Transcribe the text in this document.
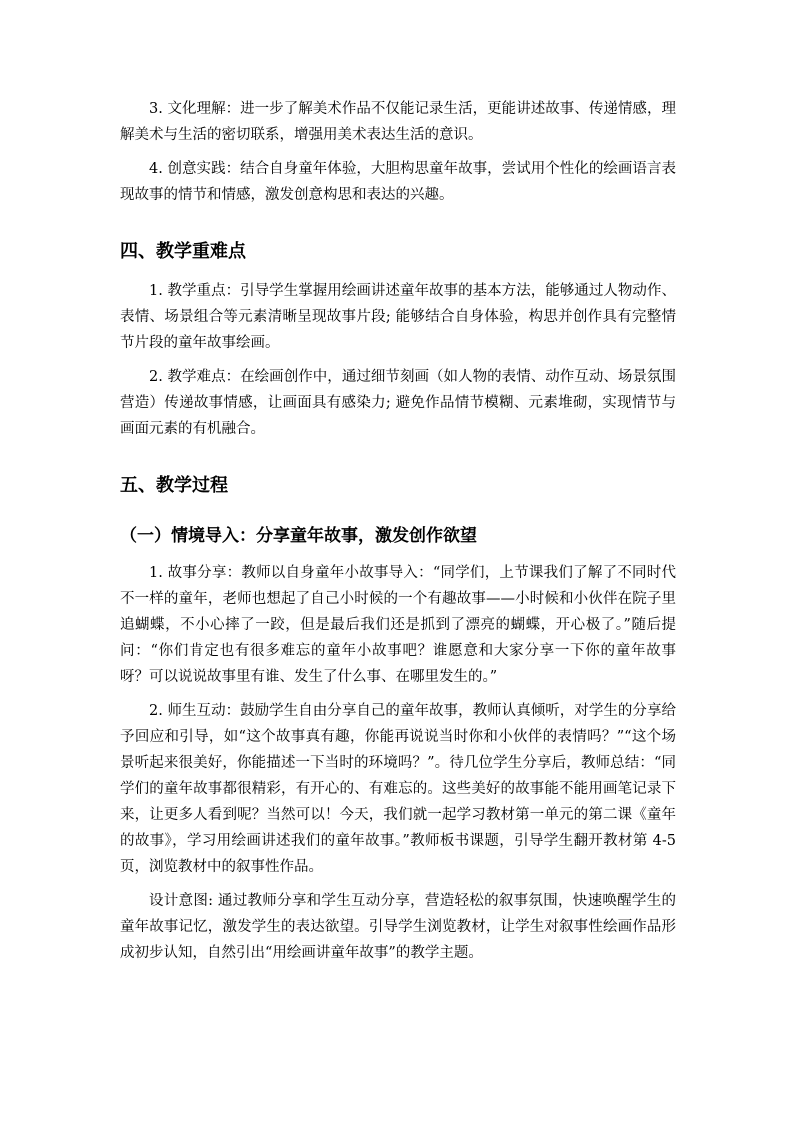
3. 文化理解：进一步了解美术作品不仅能记录生活，更能讲述故事、传递情感，理解美术与生活的密切联系，增强用美术表达生活的意识。

4. 创意实践：结合自身童年体验，大胆构思童年故事，尝试用个性化的绘画语言表现故事的情节和情感，激发创意构思和表达的兴趣。

四、教学重难点

1. 教学重点：引导学生掌握用绘画讲述童年故事的基本方法，能够通过人物动作、表情、场景组合等元素清晰呈现故事片段; 能够结合自身体验，构思并创作具有完整情节片段的童年故事绘画。

2. 教学难点：在绘画创作中，通过细节刻画（如人物的表情、动作互动、场景氛围营造）传递故事情感，让画面具有感染力; 避免作品情节模糊、元素堆砌，实现情节与画面元素的有机融合。

五、教学过程

（一）情境导入：分享童年故事，激发创作欲望

1. 故事分享：教师以自身童年小故事导入：“同学们，上节课我们了解了不同时代不一样的童年，老师也想起了自己小时候的一个有趣故事——小时候和小伙伴在院子里追蝴蝶，不小心摔了一跤，但是最后我们还是抓到了漂亮的蝴蝶，开心极了。”随后提问：“你们肯定也有很多难忘的童年小故事吧？谁愿意和大家分享一下你的童年故事呀？可以说说故事里有谁、发生了什么事、在哪里发生的。”

2. 师生互动：鼓励学生自由分享自己的童年故事，教师认真倾听，对学生的分享给予回应和引导，如“这个故事真有趣，你能再说说当时你和小伙伴的表情吗？”“这个场景听起来很美好，你能描述一下当时的环境吗？”。待几位学生分享后，教师总结：“同学们的童年故事都很精彩，有开心的、有难忘的。这些美好的故事能不能用画笔记录下来，让更多人看到呢？当然可以！今天，我们就一起学习教材第一单元的第二课《童年的故事》，学习用绘画讲述我们的童年故事。”教师板书课题，引导学生翻开教材第 4-5 页，浏览教材中的叙事性作品。

设计意图: 通过教师分享和学生互动分享，营造轻松的叙事氛围，快速唤醒学生的童年故事记忆，激发学生的表达欲望。引导学生浏览教材，让学生对叙事性绘画作品形成初步认知，自然引出“用绘画讲童年故事”的教学主题。
